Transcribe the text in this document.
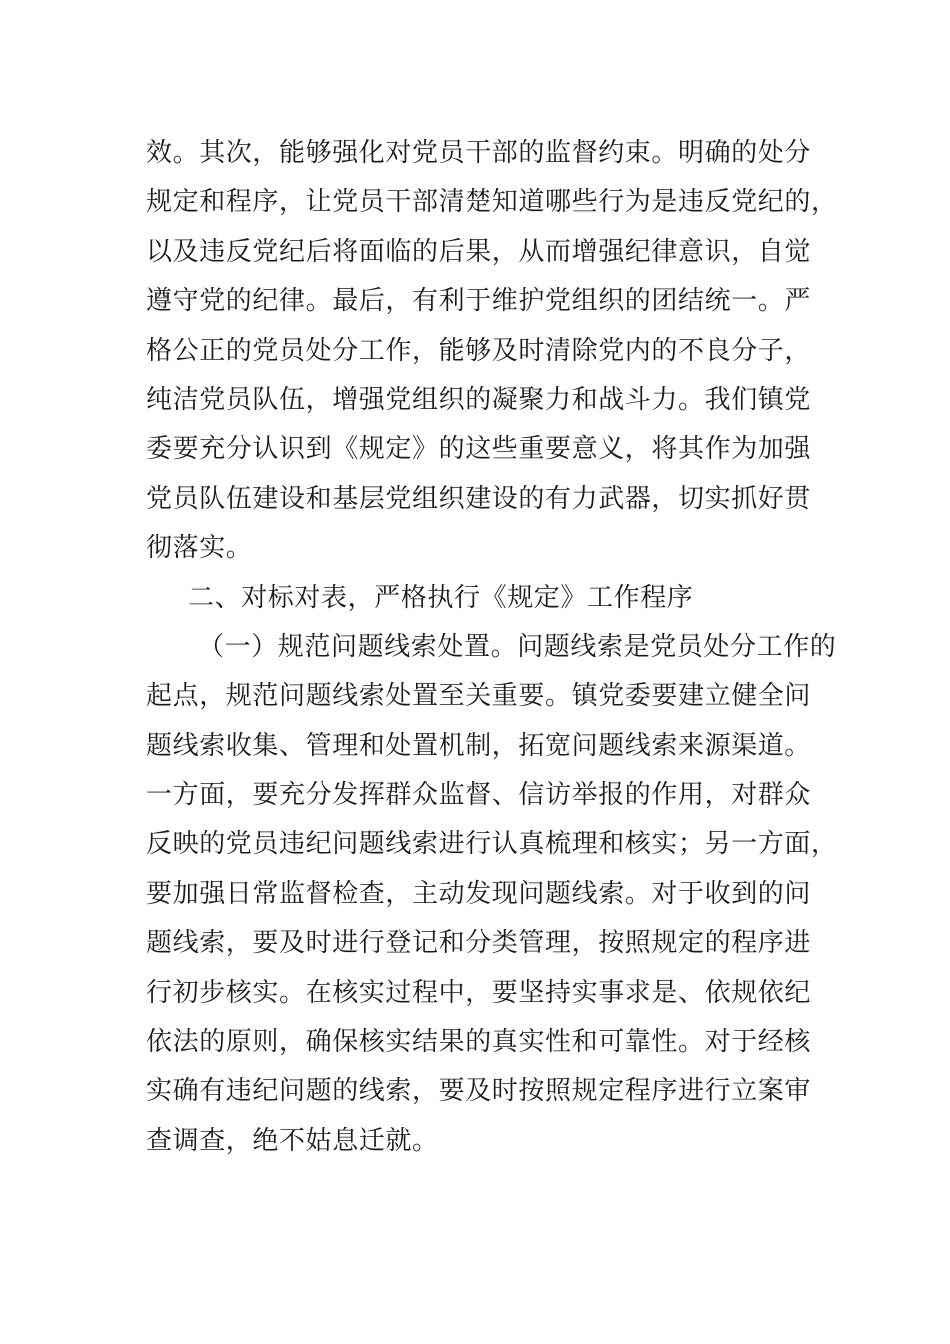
效。其次，能够强化对党员干部的监督约束。明确的处分
规定和程序，让党员干部清楚知道哪些行为是违反党纪的，
以及违反党纪后将面临的后果，从而增强纪律意识，自觉
遵守党的纪律。最后，有利于维护党组织的团结统一。严
格公正的党员处分工作，能够及时清除党内的不良分子，
纯洁党员队伍，增强党组织的凝聚力和战斗力。我们镇党
委要充分认识到《规定》的这些重要意义，将其作为加强
党员队伍建设和基层党组织建设的有力武器，切实抓好贯
彻落实。
二、对标对表，严格执行《规定》工作程序
（一）规范问题线索处置。问题线索是党员处分工作的
起点，规范问题线索处置至关重要。镇党委要建立健全问
题线索收集、管理和处置机制，拓宽问题线索来源渠道。
一方面，要充分发挥群众监督、信访举报的作用，对群众
反映的党员违纪问题线索进行认真梳理和核实；另一方面，
要加强日常监督检查，主动发现问题线索。对于收到的问
题线索，要及时进行登记和分类管理，按照规定的程序进
行初步核实。在核实过程中，要坚持实事求是、依规依纪
依法的原则，确保核实结果的真实性和可靠性。对于经核
实确有违纪问题的线索，要及时按照规定程序进行立案审
查调查，绝不姑息迁就。
